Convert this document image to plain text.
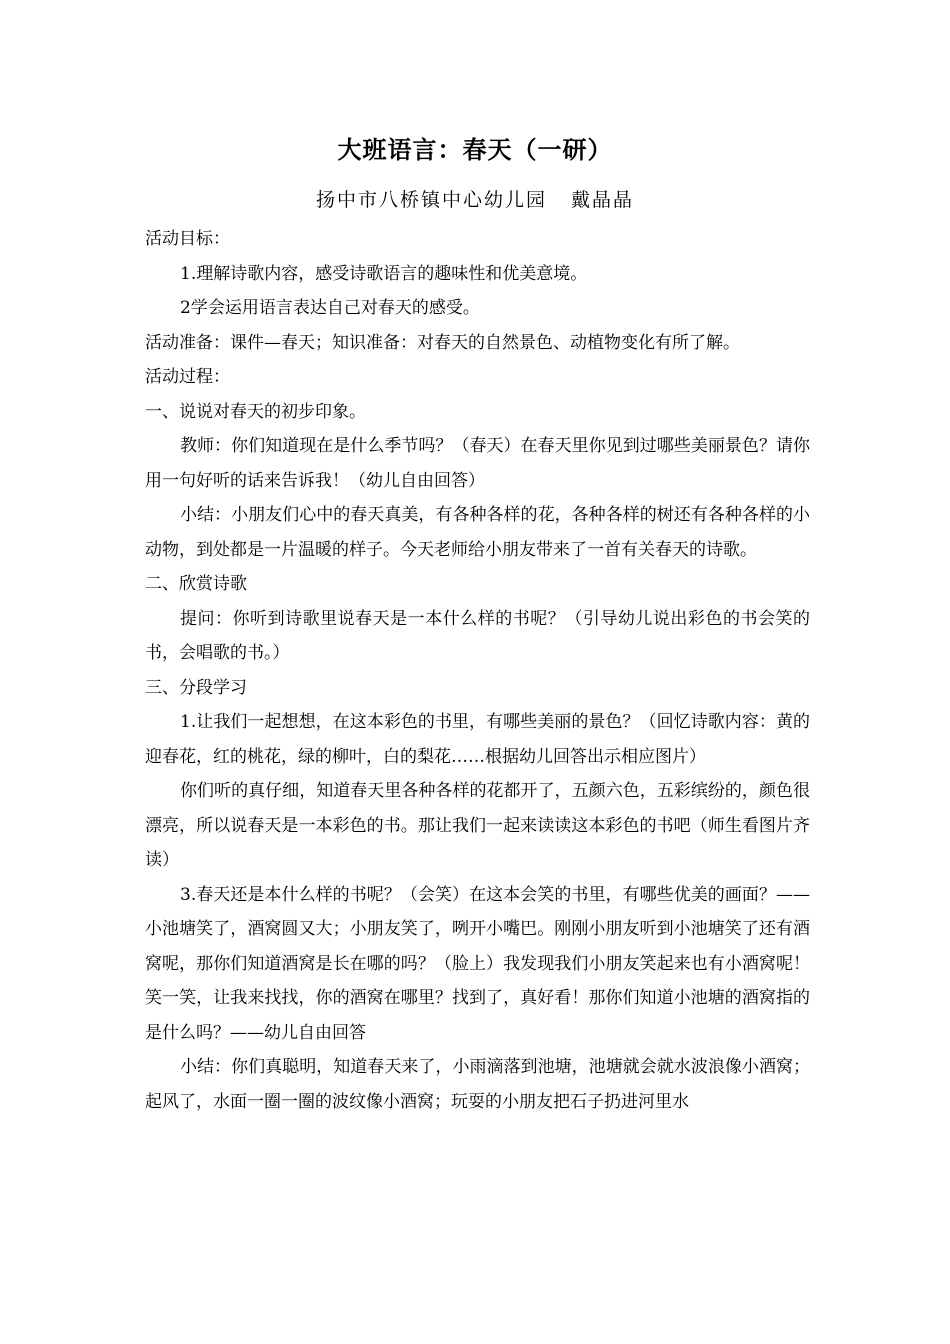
大班语言：春天（一研）
扬中市八桥镇中心幼儿园 戴晶晶

活动目标：

1.理解诗歌内容，感受诗歌语言的趣味性和优美意境。

2学会运用语言表达自己对春天的感受。

活动准备：课件—春天；知识准备：对春天的自然景色、动植物变化有所了解。

活动过程：

一、说说对春天的初步印象。

教师：你们知道现在是什么季节吗？（春天）在春天里你见到过哪些美丽景色？请你用一句好听的话来告诉我！（幼儿自由回答）

小结：小朋友们心中的春天真美，有各种各样的花，各种各样的树还有各种各样的小动物，到处都是一片温暖的样子。今天老师给小朋友带来了一首有关春天的诗歌。

二、欣赏诗歌

提问：你听到诗歌里说春天是一本什么样的书呢？（引导幼儿说出彩色的书会笑的书，会唱歌的书。）

三、分段学习

1.让我们一起想想，在这本彩色的书里，有哪些美丽的景色？（回忆诗歌内容：黄的迎春花，红的桃花，绿的柳叶，白的梨花……根据幼儿回答出示相应图片）

你们听的真仔细，知道春天里各种各样的花都开了，五颜六色，五彩缤纷的，颜色很漂亮，所以说春天是一本彩色的书。那让我们一起来读读这本彩色的书吧（师生看图片齐读）

3.春天还是本什么样的书呢？（会笑）在这本会笑的书里，有哪些优美的画面？——小池塘笑了，酒窝圆又大；小朋友笑了，咧开小嘴巴。刚刚小朋友听到小池塘笑了还有酒窝呢，那你们知道酒窝是长在哪的吗？（脸上）我发现我们小朋友笑起来也有小酒窝呢！笑一笑，让我来找找，你的酒窝在哪里？找到了，真好看！那你们知道小池塘的酒窝指的是什么吗？——幼儿自由回答

小结：你们真聪明，知道春天来了，小雨滴落到池塘，池塘就会就水波浪像小酒窝；起风了，水面一圈一圈的波纹像小酒窝；玩耍的小朋友把石子扔进河里水
